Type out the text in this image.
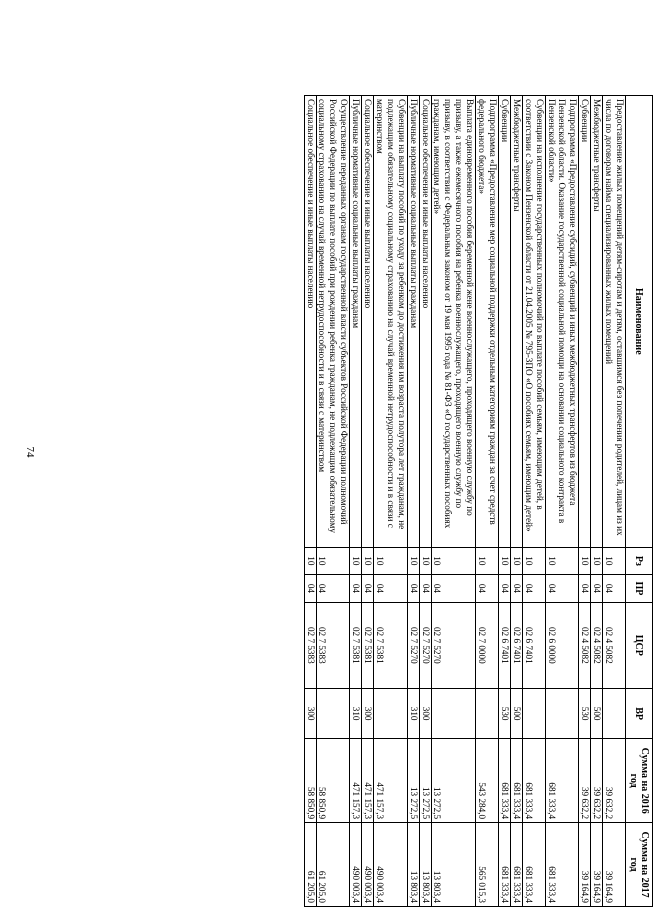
74
Наименование	Рз	ПР	ЦСР	ВР	Сумма на 2016 год	Сумма на 2017 год
Предоставление жилых помещений детям-сиротам и детям, оставшимся без попечения родителей, лицам из их числа по договорам найма специализированных жилых помещений	10	04	02 4 5082		39 632,2	39 164,9
Межбюджетные трансферты	10	04	02 4 5082	500	39 632,2	39 164,9
Субвенции	10	04	02 4 5082	530	39 632,2	39 164,9
Подпрограмма «Предоставление субсидий, субвенций и иных межбюджетных трансфертов из бюджета Пензенской области. Оказание государственной социальной помощи на основании социального контракта в Пензенской области»	10	04	02 6 0000		681 333,4	681 333,4
Субвенции на исполнение государственных полномочий по выплате пособий семьям, имеющим детей, в соответствии с Законом Пензенской области от 21.04.2005 № 795-ЗПО «О пособиях семьям, имеющим детей»	10	04	02 6 7401		681 333,4	681 333,4
Межбюджетные трансферты	10	04	02 6 7401	500	681 333,4	681 333,4
Субвенции	10	04	02 6 7401	530	681 333,4	681 333,4
Подпрограмма «Предоставление мер социальной поддержки отдельным категориям граждан за счет средств федерального бюджета»	10	04	02 7 0000		543 284,0	565 015,3
Выплата единовременного пособия беременной жене военнослужащего, проходящего военную службу по призыву, а также ежемесячного пособия на ребенка военнослужащего, проходящего военную службу по призыву, в соответствии с Федеральным законом от 19 мая 1995 года № 81-ФЗ «О государственных пособиях гражданам, имеющим детей»	10	04	02 7 5270		13 272,5	13 803,4
Социальное обеспечение и иные выплаты населению	10	04	02 7 5270	300	13 272,5	13 803,4
Публичные нормативные социальные выплаты гражданам	10	04	02 7 5270	310	13 272,5	13 803,4
Субвенции на выплату пособий по уходу за ребенком до достижения им возраста полутора лет гражданам, не подлежащим обязательному социальному страхованию на случай временной нетрудоспособности и в связи с материнством	10	04	02 7 5381		471 157,3	490 003,4
Социальное обеспечение и иные выплаты населению	10	04	02 7 5381	300	471 157,3	490 003,4
Публичные нормативные социальные выплаты гражданам	10	04	02 7 5381	310	471 157,3	490 003,4
Осуществление переданных органам государственной власти субъектов Российской Федерации полномочий Российской Федерации по выплате пособий при рождении ребенка гражданам, не подлежащим обязательному социальному страхованию на случай временной нетрудоспособности и в связи с материнством	10	04	02 7 5383		58 850,9	61 205,0
Социальное обеспечение и иные выплаты населению	10	04	02 7 5383	300	58 850,9	61 205,0
